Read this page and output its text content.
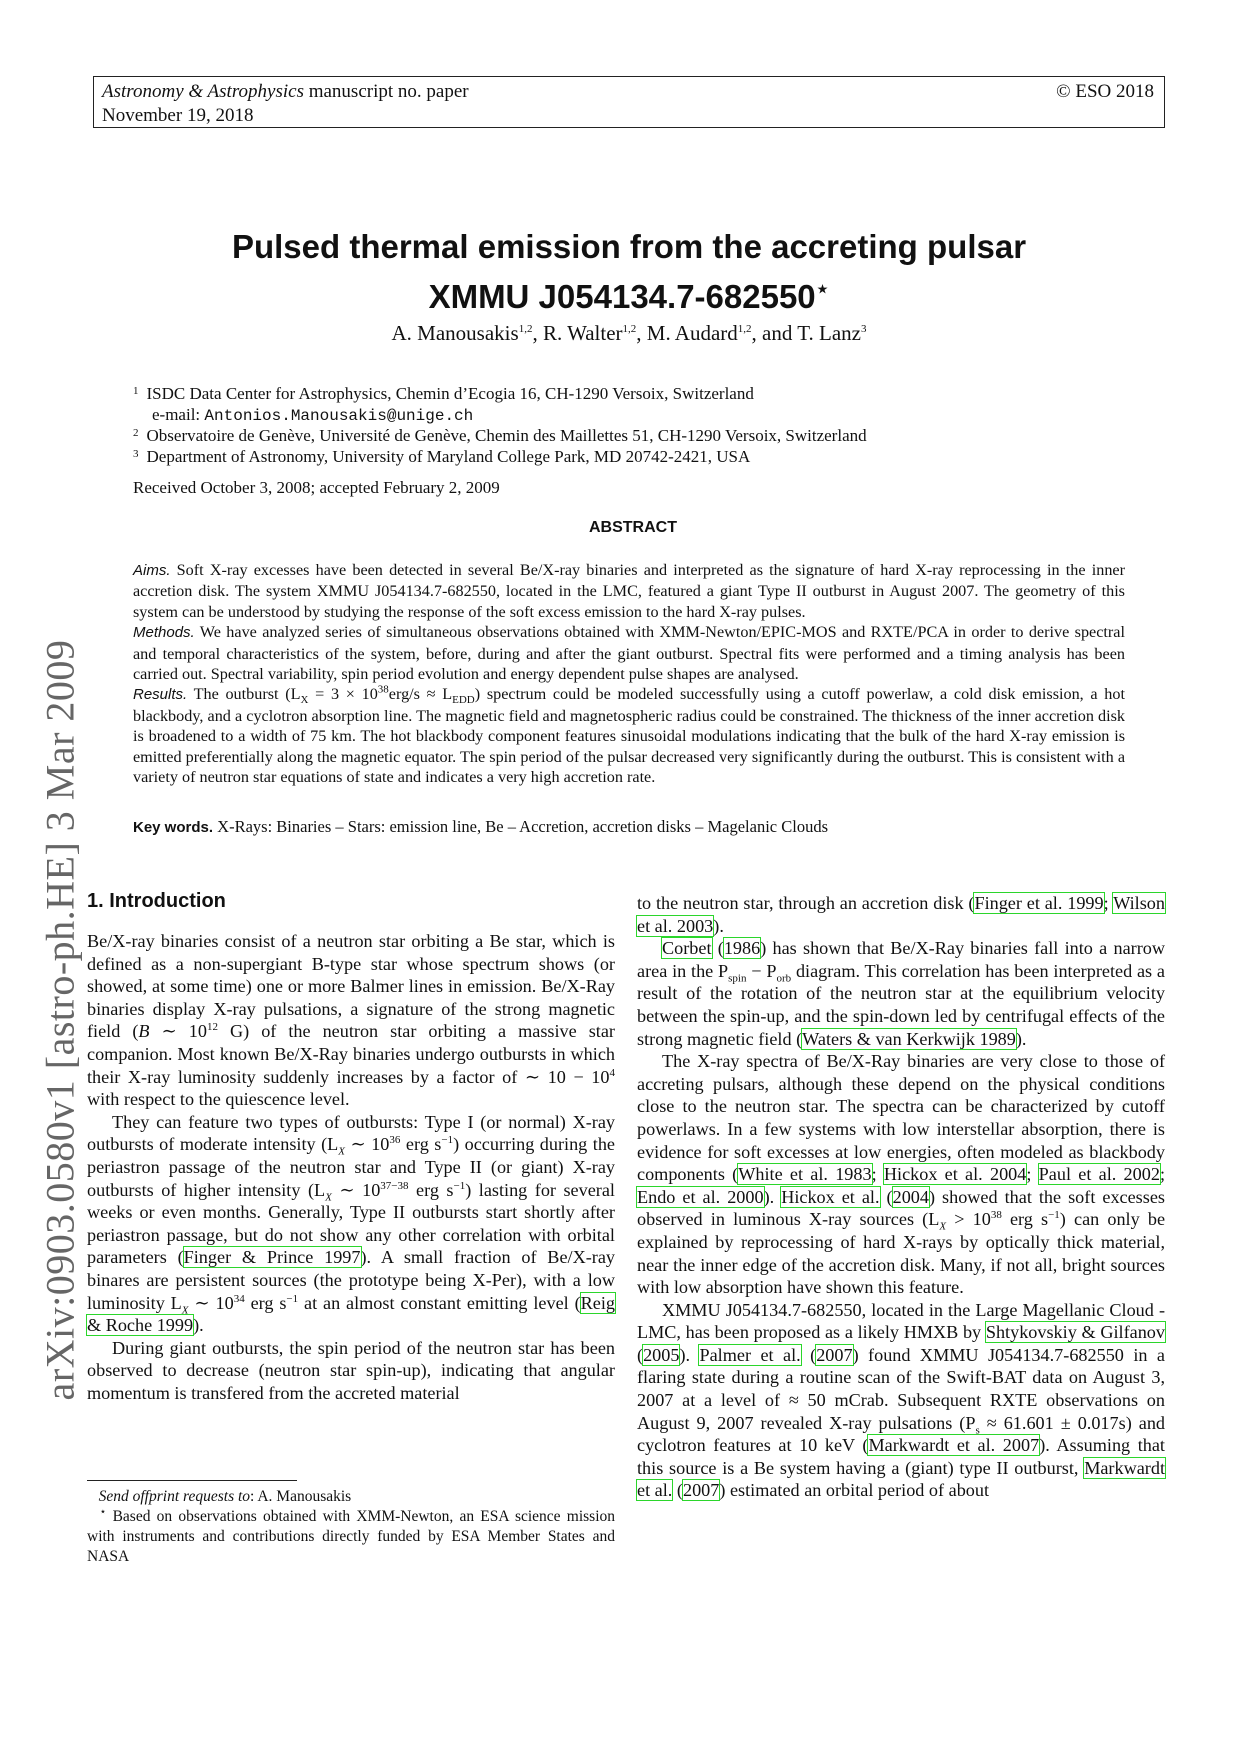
Astronomy & Astrophysics manuscript no. paper
November 19, 2018
© ESO 2018
arXiv:0903.0580v1 [astro-ph.HE] 3 Mar 2009
Pulsed thermal emission from the accreting pulsar
XMMU J054134.7-682550⋆
A. Manousakis$^{1,2}$, R. Walter$^{1,2}$, M. Audard$^{1,2}$, and T. Lanz$^3$
$^1$ ISDC Data Center for Astrophysics, Chemin d’Ecogia 16, CH-1290 Versoix, Switzerland
e-mail: Antonios.Manousakis@unige.ch
$^2$ Observatoire de Genève, Université de Genève, Chemin des Maillettes 51, CH-1290 Versoix, Switzerland
$^3$ Department of Astronomy, University of Maryland College Park, MD 20742-2421, USA
Received October 3, 2008; accepted February 2, 2009
ABSTRACT
Aims. Soft X-ray excesses have been detected in several Be/X-ray binaries and interpreted as the signature of hard X-ray reprocessing in the inner accretion disk. The system XMMU J054134.7-682550, located in the LMC, featured a giant Type II outburst in August 2007. The geometry of this system can be understood by studying the response of the soft excess emission to the hard X-ray pulses.
Methods. We have analyzed series of simultaneous observations obtained with XMM-Newton/EPIC-MOS and RXTE/PCA in order to derive spectral and temporal characteristics of the system, before, during and after the giant outburst. Spectral fits were performed and a timing analysis has been carried out. Spectral variability, spin period evolution and energy dependent pulse shapes are analysed.
Results. The outburst $(L_X = 3 \times 10^{38}erg/s \approx L_{EDD})$ spectrum could be modeled successfully using a cutoff powerlaw, a cold disk emission, a hot blackbody, and a cyclotron absorption line. The magnetic field and magnetospheric radius could be constrained. The thickness of the inner accretion disk is broadened to a width of 75 km. The hot blackbody component features sinusoidal modulations indicating that the bulk of the hard X-ray emission is emitted preferentially along the magnetic equator. The spin period of the pulsar decreased very significantly during the outburst. This is consistent with a variety of neutron star equations of state and indicates a very high accretion rate.
Key words. X-Rays: Binaries – Stars: emission line, Be – Accretion, accretion disks – Magelanic Clouds
1. Introduction

Be/X-ray binaries consist of a neutron star orbiting a Be star, which is defined as a non-supergiant B-type star whose spectrum shows (or showed, at some time) one or more Balmer lines in emission. Be/X-Ray binaries display X-ray pulsations, a signature of the strong magnetic field (B ∼ $10^{12}$ G) of the neutron star orbiting a massive star companion. Most known Be/X-Ray binaries undergo outbursts in which their X-ray luminosity suddenly increases by a factor of ∼ $10 - 10^4$ with respect to the quiescence level.

They can feature two types of outbursts: Type I (or normal) X-ray outbursts of moderate intensity ($L_X$ ∼ $10^{36}$ erg $s^{-1}$) occurring during the periastron passage of the neutron star and Type II (or giant) X-ray outbursts of higher intensity ($L_X$ ∼ $10^{37-38}$ erg $s^{-1}$) lasting for several weeks or even months. Generally, Type II outbursts start shortly after periastron passage, but do not show any other correlation with orbital parameters (Finger & Prince 1997). A small fraction of Be/X-ray binares are persistent sources (the prototype being X-Per), with a low luminosity $L_X$ ∼ $10^{34}$ erg $s^{-1}$ at an almost constant emitting level (Reig & Roche 1999).

During giant outbursts, the spin period of the neutron star has been observed to decrease (neutron star spin-up), indicating that angular momentum is transfered from the accreted material

to the neutron star, through an accretion disk (Finger et al. 1999; Wilson et al. 2003).

Corbet (1986) has shown that Be/X-Ray binaries fall into a narrow area in the $P_{spin} - P_{orb}$ diagram. This correlation has been interpreted as a result of the rotation of the neutron star at the equilibrium velocity between the spin-up, and the spin-down led by centrifugal effects of the strong magnetic field (Waters & van Kerkwijk 1989).

The X-ray spectra of Be/X-Ray binaries are very close to those of accreting pulsars, although these depend on the physical conditions close to the neutron star. The spectra can be characterized by cutoff powerlaws. In a few systems with low interstellar absorption, there is evidence for soft excesses at low energies, often modeled as blackbody components (White et al. 1983; Hickox et al. 2004; Paul et al. 2002; Endo et al. 2000). Hickox et al. (2004) showed that the soft excesses observed in luminous X-ray sources ($L_X > 10^{38}$ erg $s^{-1}$) can only be explained by reprocessing of hard X-rays by optically thick material, near the inner edge of the accretion disk. Many, if not all, bright sources with low absorption have shown this feature.

XMMU J054134.7-682550, located in the Large Magellanic Cloud - LMC, has been proposed as a likely HMXB by Shtykovskiy & Gilfanov (2005). Palmer et al. (2007) found XMMU J054134.7-682550 in a flaring state during a routine scan of the Swift-BAT data on August 3, 2007 at a level of ≈ 50 mCrab. Subsequent RXTE observations on August 9, 2007 revealed X-ray pulsations $(P_s \approx 61.601 \pm 0.017s)$ and cyclotron features at 10 keV (Markwardt et al. 2007). Assuming that this source is a Be system having a (giant) type II outburst, Markwardt et al. (2007) estimated an orbital period of about

Send offprint requests to: A. Manousakis

⋆ Based on observations obtained with XMM-Newton, an ESA science mission with instruments and contributions directly funded by ESA Member States and NASA
